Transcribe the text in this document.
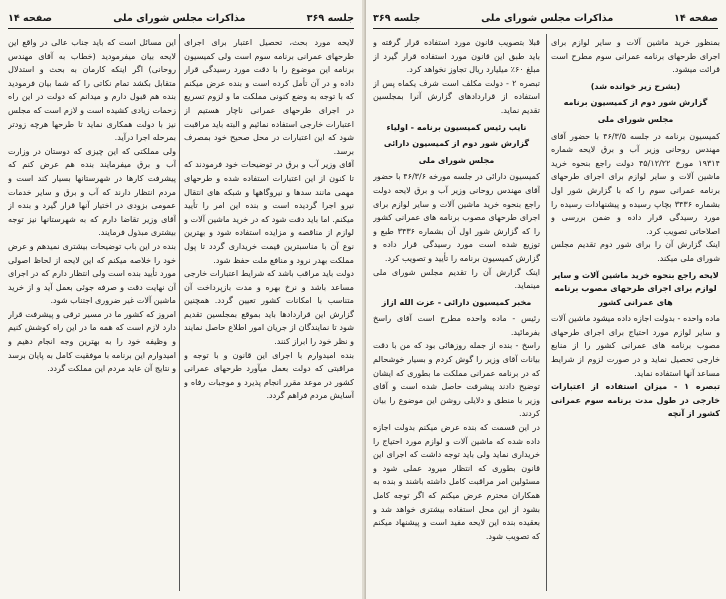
صفحه ۱۴
مذاکرات مجلس شورای ملی
جلسه ۳۶۹

بمنظور خرید ماشین آلات و سایر لوازم برای اجرای طرحهای برنامه عمرانی سوم مطرح است قرائت میشود.

(بشرح زیر خوانده شد)
گزارش شور دوم از کمیسیون برنامه
مجلس شورای ملی

کمیسیون برنامه در جلسه ۴۶/۳/۵ با حضور آقای مهندس روحانی وزیر آب و برق لایحه شماره ۱۹۳۱۴ مورخ ۴۵/۱۲/۲۲ دولت راجع بنحوه خرید ماشین آلات و سایر لوازم برای اجرای طرحهای برنامه عمرانی سوم را که با گزارش شور اول بشماره ۳۴۳۶ بچاپ رسیده و پیشنهادات رسیده را مورد رسیدگی قرار داده و ضمن بررسی و اصلاحاتی تصویب کرد.

اینک گزارش آن را برای شور دوم تقدیم مجلس شورای ملی میکند.

لایحه راجع بنحوه خرید ماشین آلات و سایر لوازم برای اجرای طرحهای مصوب برنامه های عمرانی کشور

ماده واحده - بدولت اجازه داده میشود ماشین آلات و سایر لوازم مورد احتیاج برای اجرای طرحهای مصوب برنامه های عمرانی کشور را از منابع خارجی تحصیل نماید و در صورت لزوم از شرایط مساعد آنها استفاده نماید.

تبصره ۱ - میزان استفاده از اعتبارات خارجی در طول مدت برنامه سوم عمرانی کشور از آنچه

قبلا بتصویب قانون مورد استفاده قرار گرفته و باید طبق این قانون مورد استفاده قرار گیرد از مبلغ ۶۰٪ میلیارد ریال تجاوز نخواهد کرد.

تبصره ۲ - دولت مکلف است شرف یکماه پس از استفاده از قراردادهای گزارش آنرا بمجلسین تقدیم نماید.

نایب رئیس کمیسیون برنامه - اولیاء
گزارش شور دوم از کمیسیون دارائی
مجلس شورای ملی

کمیسیون دارائی در جلسه مورخه ۴۶/۳/۶ با حضور آقای مهندس روحانی وزیر آب و برق لایحه دولت راجع بنحوه خرید ماشین آلات و سایر لوازم برای اجرای طرحهای مصوب برنامه های عمرانی کشور را که گزارش شور اول آن بشماره ۳۴۳۶ طبع و توزیع شده است مورد رسیدگی قرار داده و گزارش کمیسیون برنامه را تأیید و تصویب کرد.

اینک گزارش آن را تقدیم مجلس شورای ملی مینماید.

مخبر کمیسیون دارائی - عزت الله ازاز

رئیس - ماده واحده مطرح است آقای راسخ بفرمائید.

راسخ - بنده از جمله روزهائی بود که من با دقت بیانات آقای وزیر را گوش کردم و بسیار خوشحالم که در برنامه عمرانی مملکت ما بطوری که ایشان توضیح دادند پیشرفت حاصل شده است و آقای وزیر با منطق و دلایلی روشن این موضوع را بیان کردند.

در این قسمت که بنده عرض میکنم بدولت اجازه داده شده که ماشین آلات و لوازم مورد احتیاج را خریداری نماید ولی باید توجه داشت که اجرای این قانون بطوری که انتظار میرود عملی شود و مسئولین امر مراقبت کامل داشته باشند و بنده به همکاران محترم عرض میکنم که اگر توجه کامل بشود از این محل استفاده بیشتری خواهد شد و بعقیده بنده این لایحه مفید است و پیشنهاد میکنم که تصویب شود.

جلسه ۳۶۹
مذاکرات مجلس شورای ملی
صفحه ۱۴

لایحه مورد بحث، تحصیل اعتبار برای اجرای طرحهای عمرانی برنامه سوم است ولی کمیسیون برنامه این موضوع را با دقت مورد رسیدگی قرار داده و در آن تأمل کرده است و بنده عرض میکنم که با توجه به وضع کنونی مملکت ما و لزوم تسریع در اجرای طرحهای عمرانی ناچار هستیم از اعتبارات خارجی استفاده نمائیم و البته باید مراقبت شود که این اعتبارات در محل صحیح خود بمصرف برسد.

آقای وزیر آب و برق در توضیحات خود فرمودند که تا کنون از این اعتبارات استفاده شده و طرحهای مهمی مانند سدها و نیروگاهها و شبکه های انتقال نیرو اجرا گردیده است و بنده این امر را تأیید میکنم. اما باید دقت شود که در خرید ماشین آلات و لوازم از مناقصه و مزایده استفاده شود و بهترین نوع آن با مناسبترین قیمت خریداری گردد تا پول مملکت بهدر نرود و منافع ملت حفظ شود.

دولت باید مراقب باشد که شرایط اعتبارات خارجی مساعد باشد و نرخ بهره و مدت بازپرداخت آن متناسب با امکانات کشور تعیین گردد. همچنین گزارش این قراردادها باید بموقع بمجلسین تقدیم شود تا نمایندگان از جریان امور اطلاع حاصل نمایند و نظر خود را ابراز کنند.

بنده امیدوارم با اجرای این قانون و با توجه و مراقبتی که دولت بعمل میآورد طرحهای عمرانی کشور در موعد مقرر انجام پذیرد و موجبات رفاه و آسایش مردم فراهم گردد.

این مسائل است که باید جناب عالی در واقع این لایحه بیان میفرمودید (خطاب به آقای مهندس روحانی) اگر اینکه کارمان به بحث و استدلال متقابل بکشد تمام نکاتی را که شما بیان فرمودید بنده هم قبول دارم و میدانم که دولت در این راه زحمات زیادی کشیده است و لازم است که مجلس نیز با دولت همکاری نماید تا طرحها هرچه زودتر بمرحله اجرا درآید.

ولی مملکتی که این چیزی که دوستان در وزارت آب و برق میفرمایند بنده هم عرض کنم که پیشرفت کارها در شهرستانها بسیار کند است و مردم انتظار دارند که آب و برق و سایر خدمات عمومی بزودی در اختیار آنها قرار گیرد و بنده از آقای وزیر تقاضا دارم که به شهرستانها نیز توجه بیشتری مبذول فرمایند.

بنده در این باب توضیحات بیشتری نمیدهم و عرض خود را خلاصه میکنم که این لایحه از لحاظ اصولی مورد تأیید بنده است ولی انتظار دارم که در اجرای آن نهایت دقت و صرفه جوئی بعمل آید و از خرید ماشین آلات غیر ضروری اجتناب شود.

امروز که کشور ما در مسیر ترقی و پیشرفت قرار دارد لازم است که همه ما در این راه کوشش کنیم و وظیفه خود را به بهترین وجه انجام دهیم و امیدوارم این برنامه با موفقیت کامل به پایان برسد و نتایج آن عاید مردم این مملکت گردد.
